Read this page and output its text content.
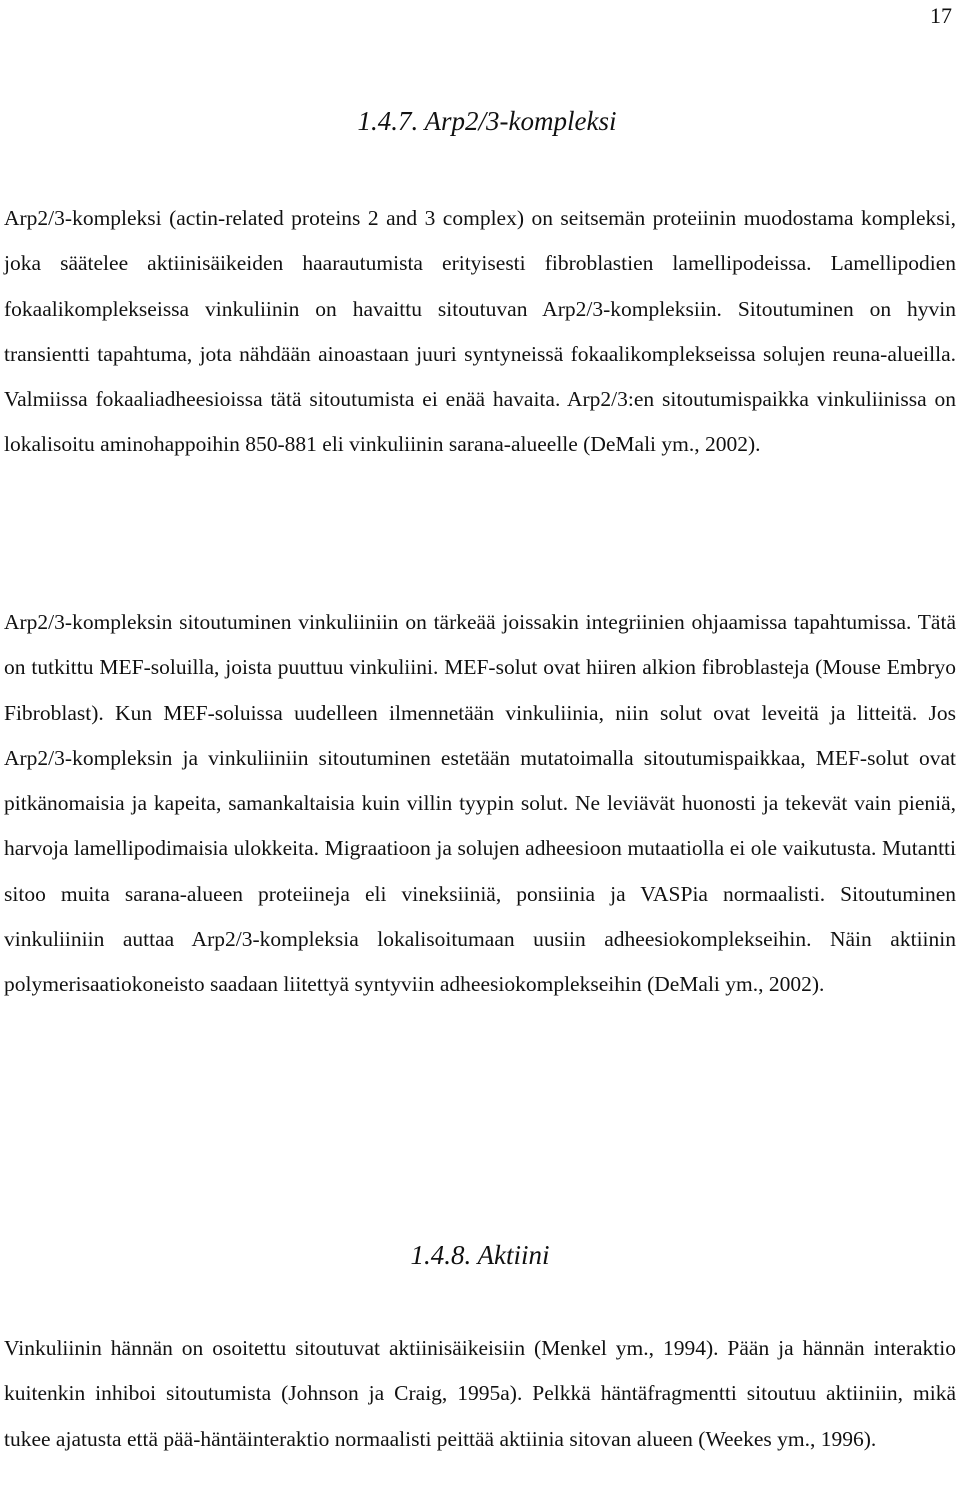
17
1.4.7. Arp2/3-kompleksi

Arp2/3-kompleksi (actin-related proteins 2 and 3 complex) on seitsemän proteiinin muodostama kompleksi, joka säätelee aktiinisäikeiden haarautumista erityisesti fibroblastien lamellipodeissa. Lamellipodien fokaalikomplekseissa vinkuliinin on havaittu sitoutuvan Arp2/3-kompleksiin. Sitoutuminen on hyvin transientti tapahtuma, jota nähdään ainoastaan juuri syntyneissä fokaalikomplekseissa solujen reuna-alueilla. Valmiissa fokaaliadheesioissa tätä sitoutumista ei enää havaita. Arp2/3:en sitoutumispaikka vinkuliinissa on lokalisoitu aminohappoihin 850-881 eli vinkuliinin sarana-alueelle (DeMali ym., 2002).

Arp2/3-kompleksin sitoutuminen vinkuliiniin on tärkeää joissakin integriinien ohjaamissa tapahtumissa. Tätä on tutkittu MEF-soluilla, joista puuttuu vinkuliini. MEF-solut ovat hiiren alkion fibroblasteja (Mouse Embryo Fibroblast). Kun MEF-soluissa uudelleen ilmennetään vinkuliinia, niin solut ovat leveitä ja litteitä. Jos Arp2/3-kompleksin ja vinkuliiniin sitoutuminen estetään mutatoimalla sitoutumispaikkaa, MEF-solut ovat pitkänomaisia ja kapeita, samankaltaisia kuin villin tyypin solut. Ne leviävät huonosti ja tekevät vain pieniä, harvoja lamellipodimaisia ulokkeita. Migraatioon ja solujen adheesioon mutaatiolla ei ole vaikutusta. Mutantti sitoo muita sarana-alueen proteiineja eli vineksiiniä, ponsiinia ja VASPia normaalisti. Sitoutuminen vinkuliiniin auttaa Arp2/3-kompleksia lokalisoitumaan uusiin adheesiokomplekseihin. Näin aktiinin polymerisaatiokoneisto saadaan liitettyä syntyviin adheesiokomplekseihin (DeMali ym., 2002).

1.4.8. Aktiini

Vinkuliinin hännän on osoitettu sitoutuvat aktiinisäikeisiin (Menkel ym., 1994). Pään ja hännän interaktio kuitenkin inhiboi sitoutumista (Johnson ja Craig, 1995a). Pelkkä häntäfragmentti sitoutuu aktiiniin, mikä tukee ajatusta että pää-häntäinteraktio normaalisti peittää aktiinia sitovan alueen (Weekes ym., 1996).
